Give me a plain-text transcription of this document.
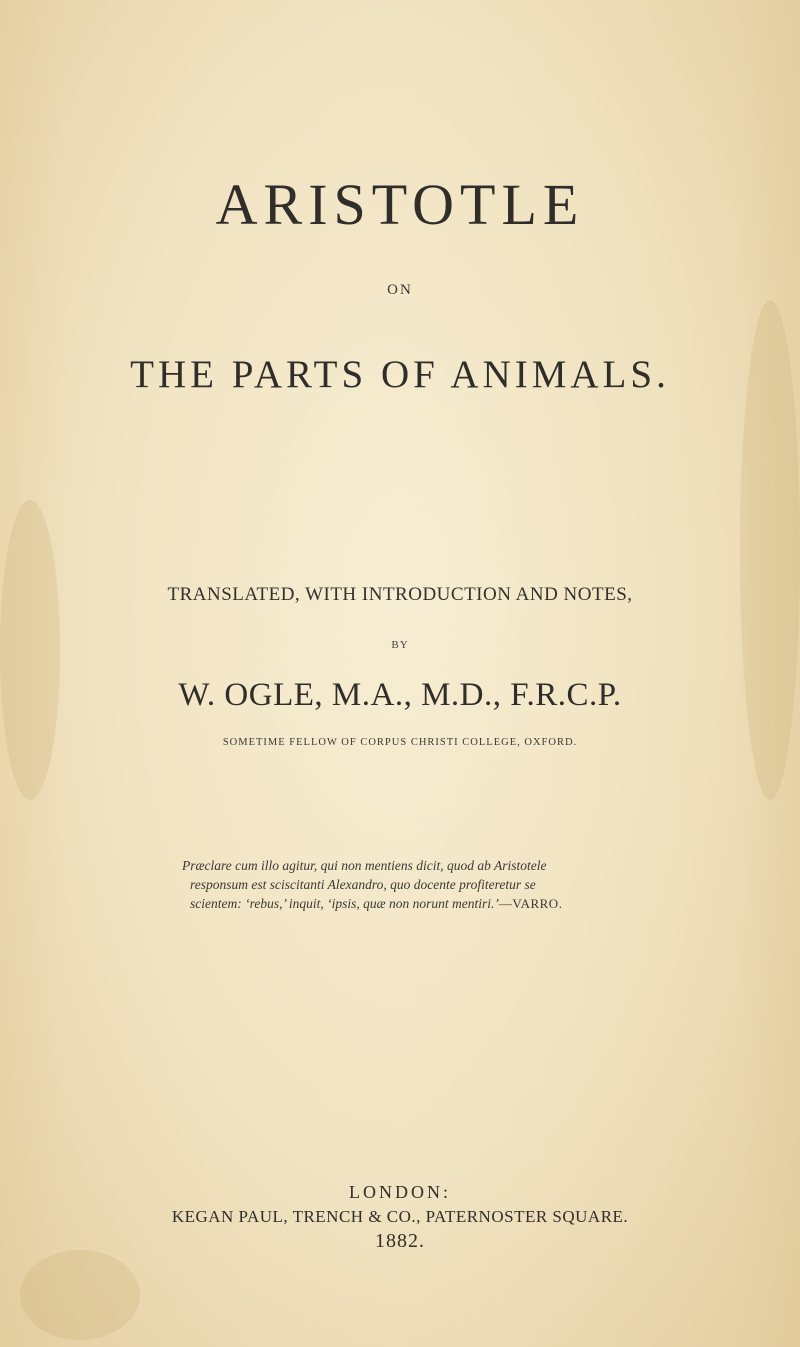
ARISTOTLE
ON
THE PARTS OF ANIMALS.
TRANSLATED, WITH INTRODUCTION AND NOTES,
BY
W. OGLE, M.A., M.D., F.R.C.P.
SOMETIME FELLOW OF CORPUS CHRISTI COLLEGE, OXFORD.
Præclare cum illo agitur, qui non mentiens dicit, quod ab Aristotele
responsum est sciscitanti Alexandro, quo docente profiteretur se
scientem: ‘rebus,’ inquit, ‘ipsis, quæ non norunt mentiri.’—VARRO.
LONDON:
KEGAN PAUL, TRENCH & CO., PATERNOSTER SQUARE.
1882.
